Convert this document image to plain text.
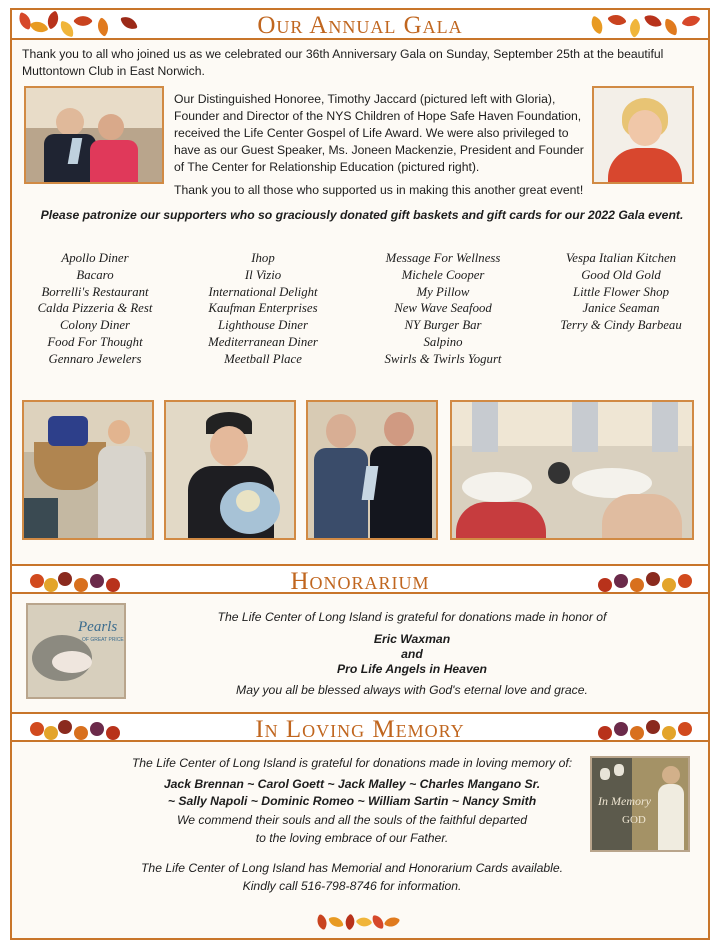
Our Annual Gala

Thank you to all who joined us as we celebrated our 36th Anniversary Gala on Sunday, September 25th at the beautiful Muttontown Club in East Norwich.

Our Distinguished Honoree, Timothy Jaccard (pictured left with Gloria), Founder and Director of the NYS Children of Hope Safe Haven Foundation, received the Life Center Gospel of Life Award. We were also privileged to have as our Guest Speaker, Ms. Joneen Mackenzie, President and Founder of The Center for Relationship Education (pictured right).

Thank you to all those who supported us in making this another great event!

Please patronize our supporters who so graciously donated gift baskets and gift cards for our 2022 Gala event.

Apollo Diner
Bacaro
Borrelli's Restaurant
Calda Pizzeria & Rest
Colony Diner
Food For Thought
Gennaro Jewelers
Ihop
Il Vizio
International Delight
Kaufman Enterprises
Lighthouse Diner
Mediterranean Diner
Meetball Place
Message For Wellness
Michele Cooper
My Pillow
New Wave Seafood
NY Burger Bar
Salpino
Swirls & Twirls Yogurt
Vespa Italian Kitchen
Good Old Gold
Little Flower Shop
Janice Seaman
Terry & Cindy Barbeau
Honorarium
Pearls
OF GREAT PRICE

The Life Center of Long Island is grateful for donations made in honor of

Eric Waxman

and

Pro Life Angels in Heaven

May you all be blessed always with God's eternal love and grace.

In Loving Memory

The Life Center of Long Island is grateful for donations made in loving memory of:

Jack Brennan ~ Carol Goett ~ Jack Malley ~ Charles Mangano Sr.

~ Sally Napoli ~ Dominic Romeo ~ William Sartin ~ Nancy Smith

We commend their souls and all the souls of the faithful departed

to the loving embrace of our Father.

The Life Center of Long Island has Memorial and Honorarium Cards available.

Kindly call 516-798-8746 for information.

In Memory
GOD
